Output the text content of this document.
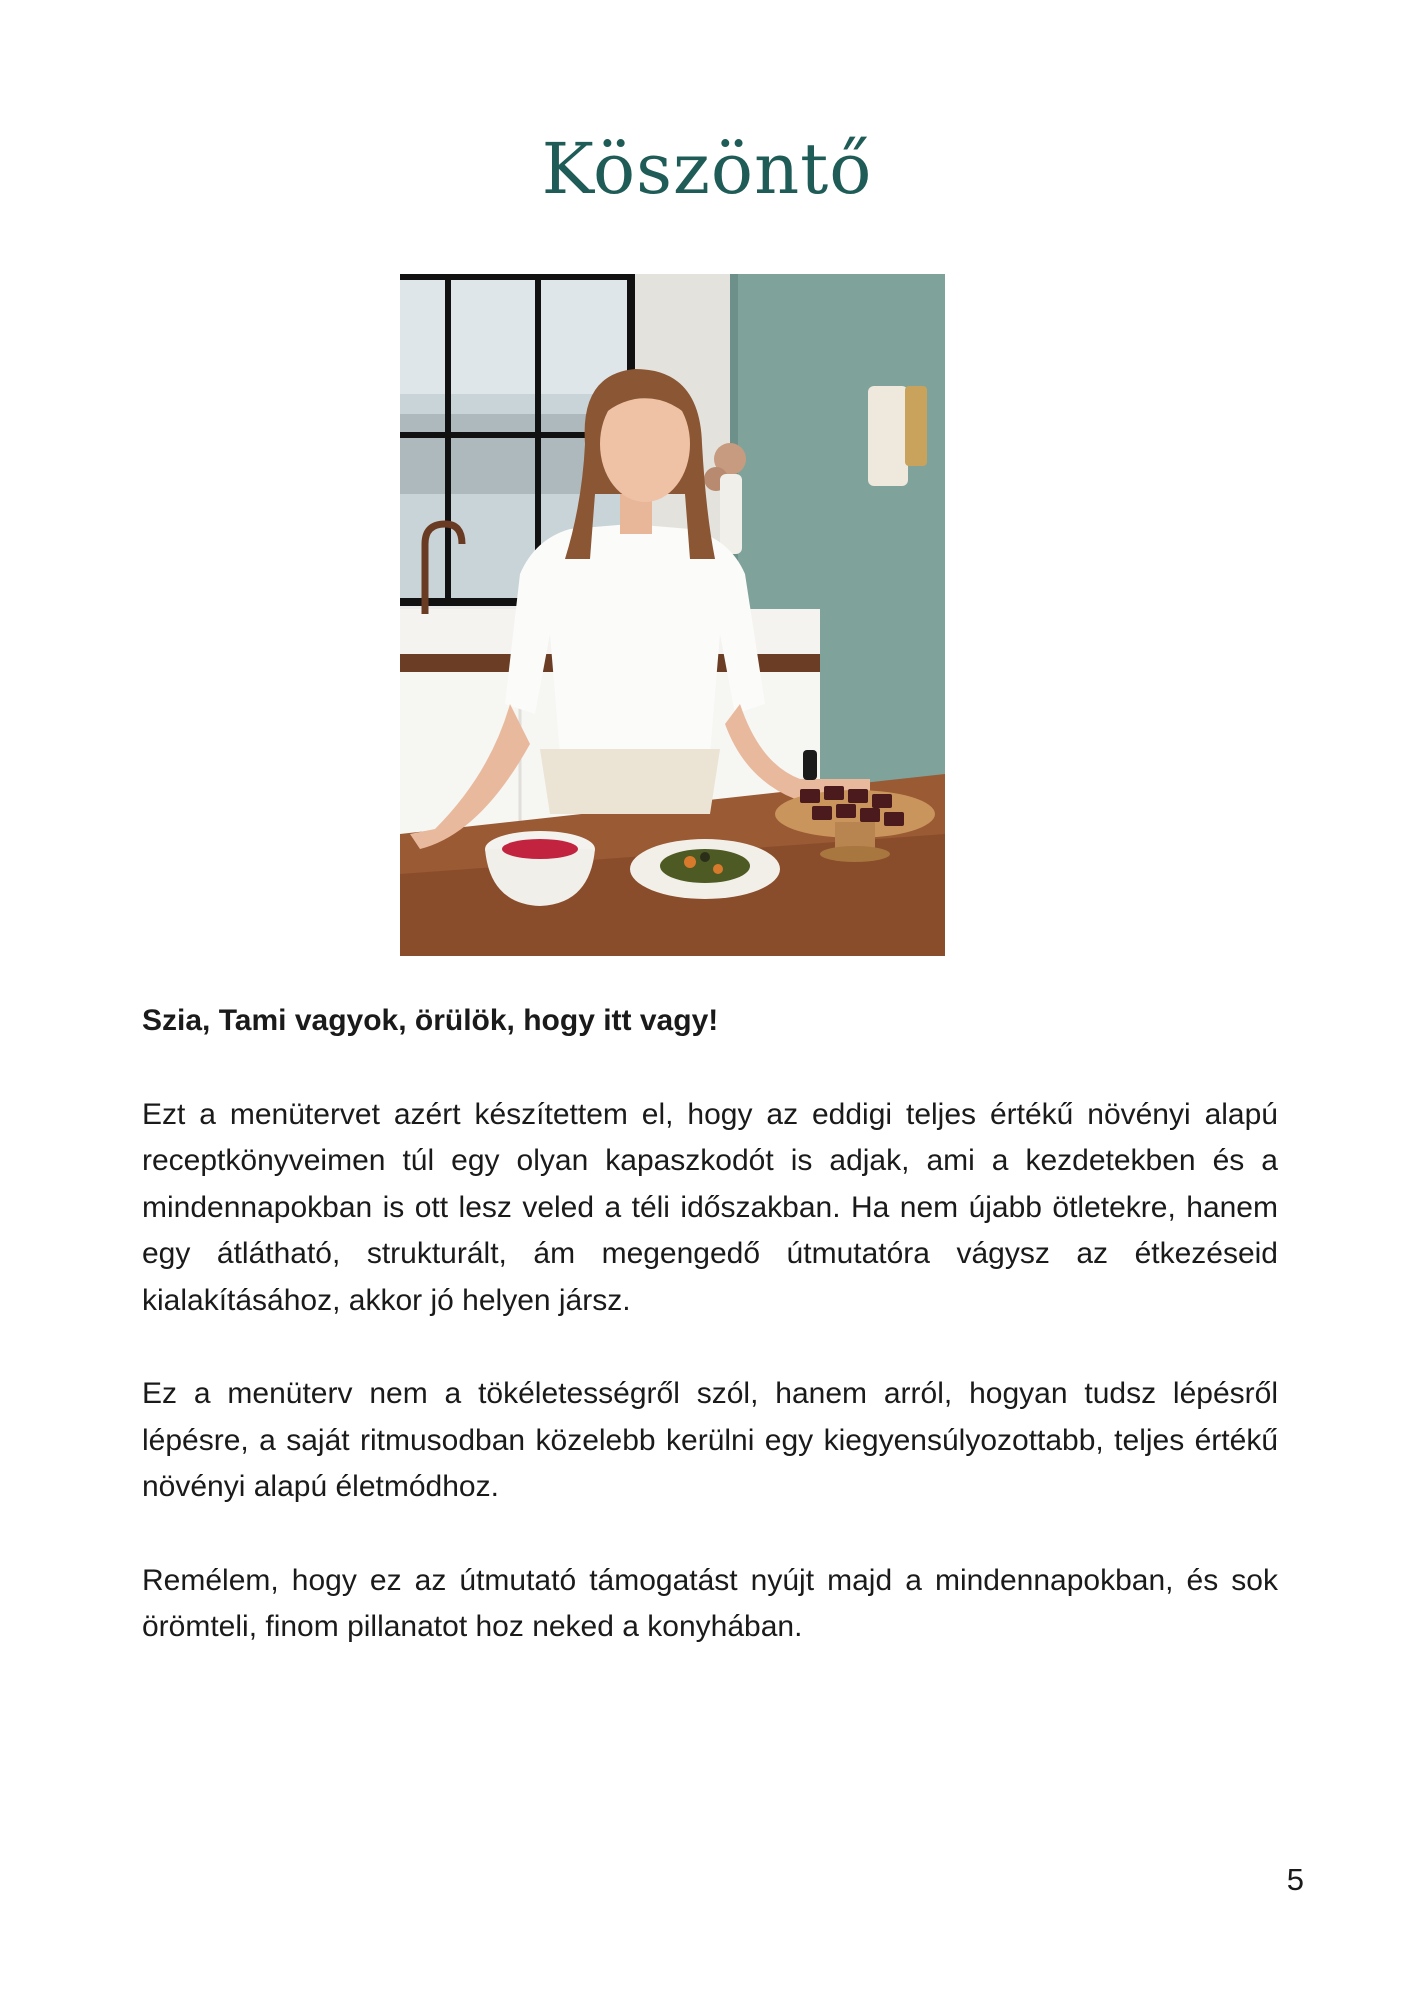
Köszöntő

Szia, Tami vagyok, örülök, hogy itt vagy!

Ezt a menütervet azért készítettem el, hogy az eddigi teljes értékű növényi alapú receptkönyveimen túl egy olyan kapaszkodót is adjak, ami a kezdetekben és a mindennapokban is ott lesz veled a téli időszakban. Ha nem újabb ötletekre, hanem egy átlátható, strukturált, ám megengedő útmutatóra vágysz az étkezéseid kialakításához, akkor jó helyen jársz.

Ez a menüterv nem a tökéletességről szól, hanem arról, hogyan tudsz lépésről lépésre, a saját ritmusodban közelebb kerülni egy kiegyensúlyozottabb, teljes értékű növényi alapú életmódhoz.

Remélem, hogy ez az útmutató támogatást nyújt majd a mindennapokban, és sok örömteli, finom pillanatot hoz neked a konyhában.

5
